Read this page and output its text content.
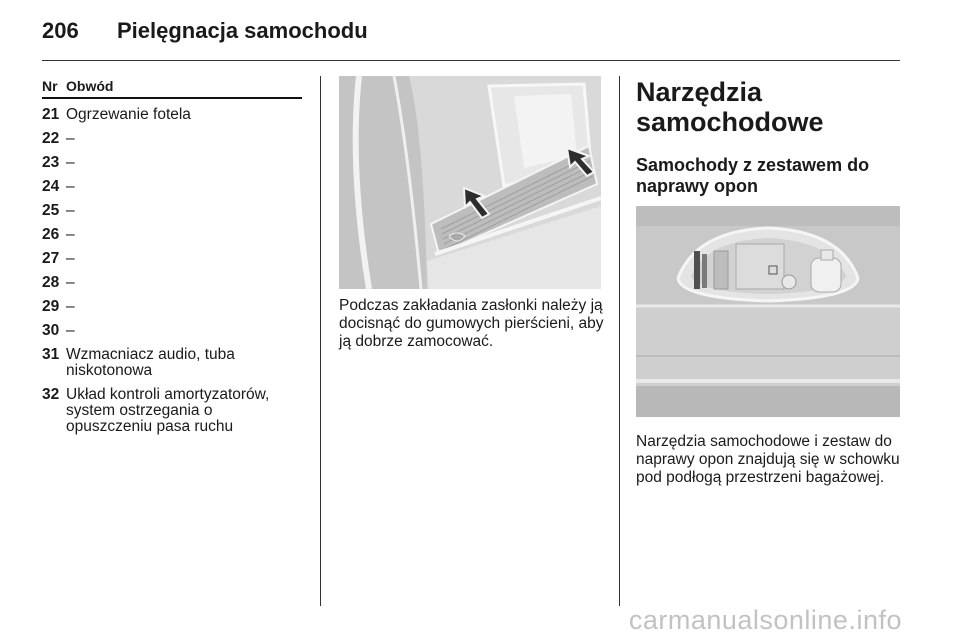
206	Pielęgnacja samochodu
Nr Obwód
21 Ogrzewanie fotela
22 –
23 –
24 –
25 –
26 –
27 –
28 –
29 –
30 –
31 Wzmacniacz audio, tuba niskotonowa
32 Układ kontroli amortyzatorów, system ostrzegania o opuszczeniu pasa ruchu
Podczas zakładania zasłonki należy ją docisnąć do gumowych pierścieni, aby ją dobrze zamocować.
Narzędzia samochodowe
Samochody z zestawem do naprawy opon
Narzędzia samochodowe i zestaw do naprawy opon znajdują się w schowku pod podłogą przestrzeni bagażowej.
carmanualsonline.info
